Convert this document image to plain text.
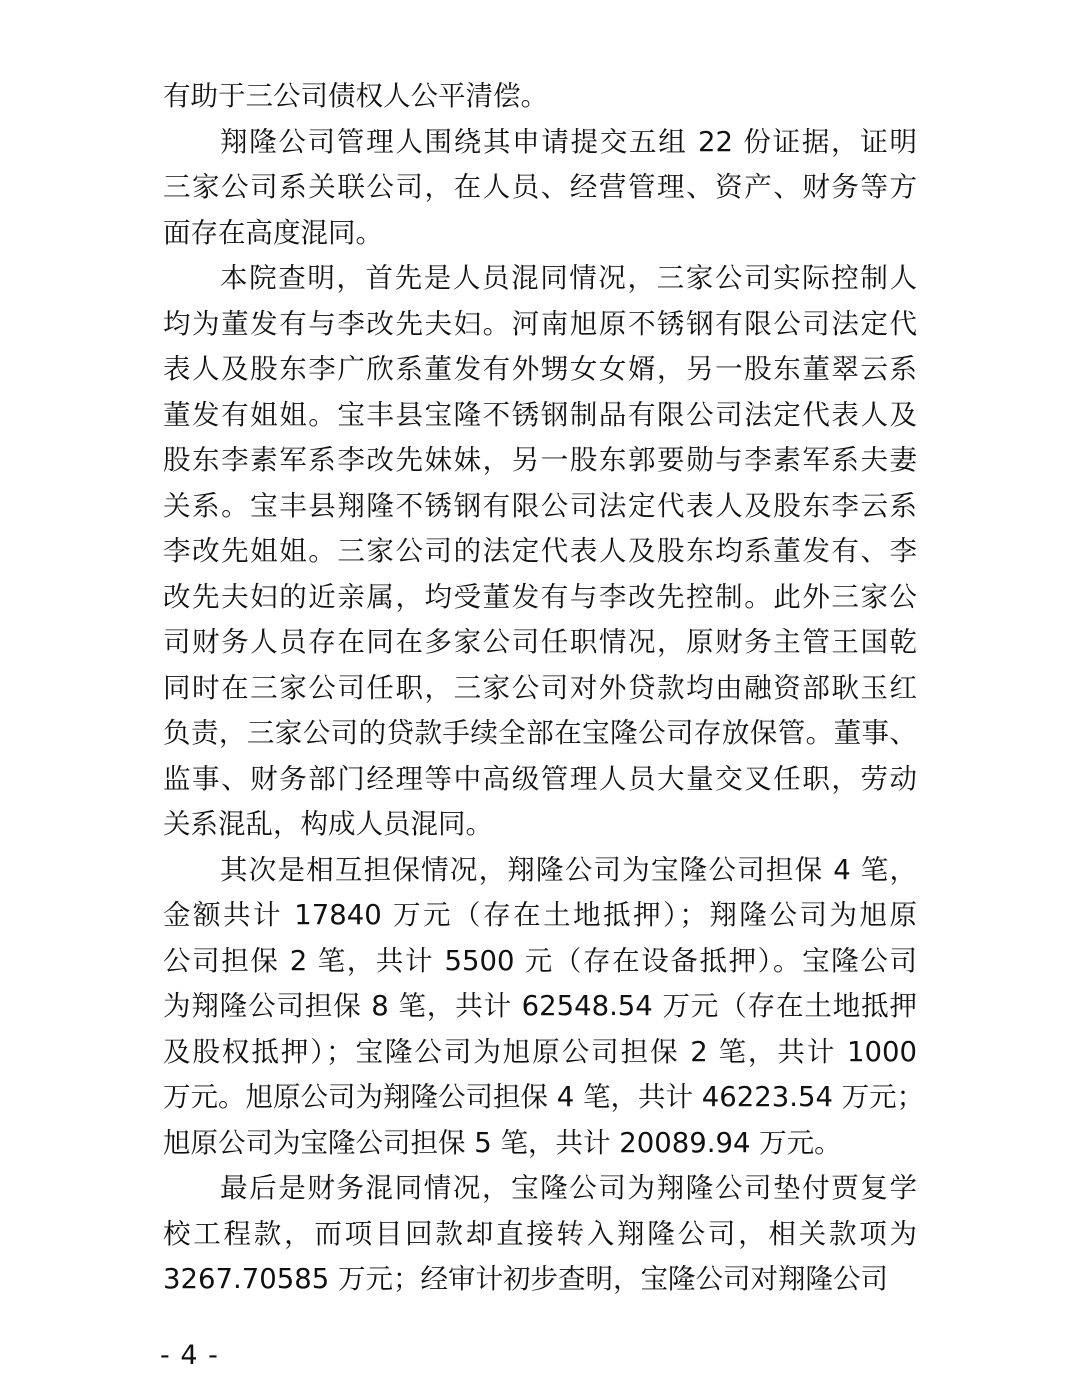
有助于三公司债权人公平清偿。
翔隆公司管理人围绕其申请提交五组 22 份证据，证明
三家公司系关联公司，在人员、经营管理、资产、财务等方
面存在高度混同。
本院查明，首先是人员混同情况，三家公司实际控制人
均为董发有与李改先夫妇。河南旭原不锈钢有限公司法定代
表人及股东李广欣系董发有外甥女女婿，另一股东董翠云系
董发有姐姐。宝丰县宝隆不锈钢制品有限公司法定代表人及
股东李素军系李改先妹妹，另一股东郭要勋与李素军系夫妻
关系。宝丰县翔隆不锈钢有限公司法定代表人及股东李云系
李改先姐姐。三家公司的法定代表人及股东均系董发有、李
改先夫妇的近亲属，均受董发有与李改先控制。此外三家公
司财务人员存在同在多家公司任职情况，原财务主管王国乾
同时在三家公司任职，三家公司对外贷款均由融资部耿玉红
负责，三家公司的贷款手续全部在宝隆公司存放保管。董事、
监事、财务部门经理等中高级管理人员大量交叉任职，劳动
关系混乱，构成人员混同。
其次是相互担保情况，翔隆公司为宝隆公司担保 4 笔，
金额共计 17840 万元（存在土地抵押）；翔隆公司为旭原
公司担保 2 笔，共计 5500 元（存在设备抵押）。宝隆公司
为翔隆公司担保 8 笔，共计 62548.54 万元（存在土地抵押
及股权抵押）；宝隆公司为旭原公司担保 2 笔，共计 1000
万元。旭原公司为翔隆公司担保 4 笔，共计 46223.54 万元；
旭原公司为宝隆公司担保 5 笔，共计 20089.94 万元。
最后是财务混同情况，宝隆公司为翔隆公司垫付贾复学
校工程款，而项目回款却直接转入翔隆公司，相关款项为
3267.70585 万元；经审计初步查明，宝隆公司对翔隆公司
- 4 -
